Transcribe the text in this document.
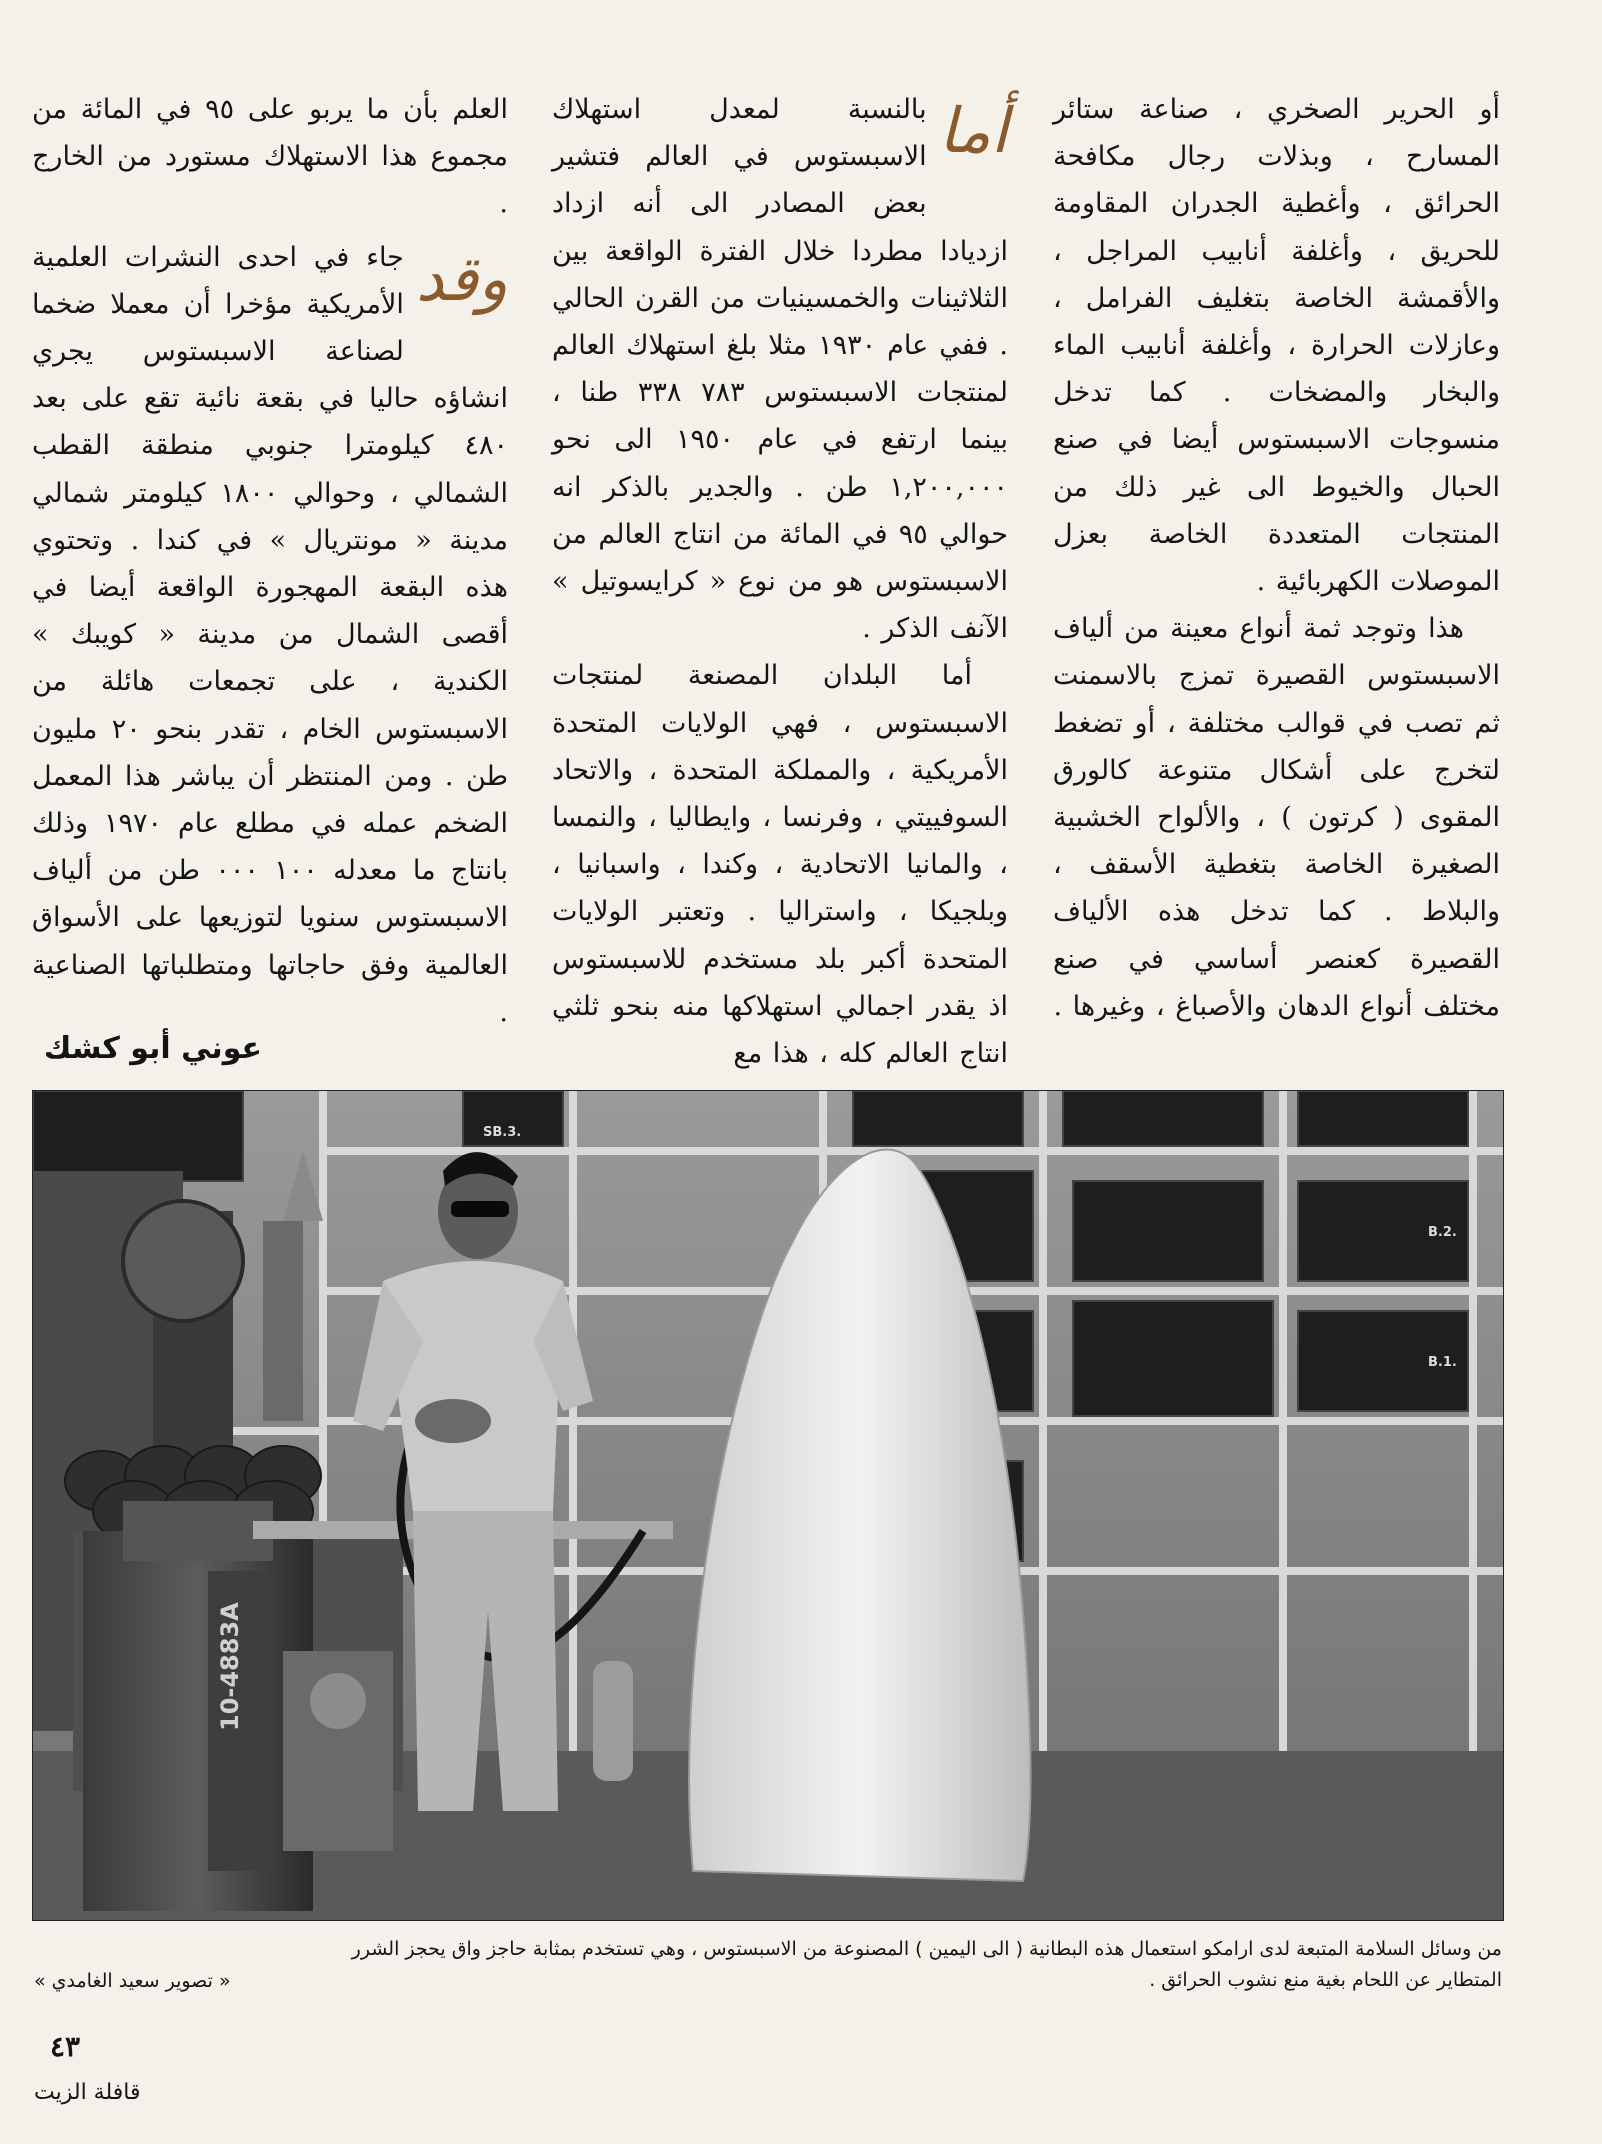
أو الحرير الصخري ، صناعة ستائر المسارح ، وبذلات رجال مكافحة الحرائق ، وأغطية الجدران المقاومة للحريق ، وأغلفة أنابيب المراجل ، والأقمشة الخاصة بتغليف الفرامل ، وعازلات الحرارة ، وأغلفة أنابيب الماء والبخار والمضخات . كما تدخل منسوجات الاسبستوس أيضا في صنع الحبال والخيوط الى غير ذلك من المنتجات المتعددة الخاصة بعزل الموصلات الكهربائية .

هذا وتوجد ثمة أنواع معينة من ألياف الاسبستوس القصيرة تمزج بالاسمنت ثم تصب في قوالب مختلفة ، أو تضغط لتخرج على أشكال متنوعة كالورق المقوى ( كرتون ) ، والألواح الخشبية الصغيرة الخاصة بتغطية الأسقف ، والبلاط . كما تدخل هذه الألياف القصيرة كعنصر أساسي في صنع مختلف أنواع الدهان والأصباغ ، وغيرها .

أما

بالنسبة لمعدل استهلاك الاسبستوس في العالم فتشير بعض المصادر الى أنه ازداد ازديادا مطردا خلال الفترة الواقعة بين الثلاثينات والخمسينيات من القرن الحالي . ففي عام ١٩٣٠ مثلا بلغ استهلاك العالم لمنتجات الاسبستوس ٧٨٣ ٣٣٨ طنا ، بينما ارتفع في عام ١٩٥٠ الى نحو ١,٢٠٠,٠٠٠ طن . والجدير بالذكر انه حوالي ٩٥ في المائة من انتاج العالم من الاسبستوس هو من نوع « كرايسوتيل » الآنف الذكر .

أما البلدان المصنعة لمنتجات الاسبستوس ، فهي الولايات المتحدة الأمريكية ، والمملكة المتحدة ، والاتحاد السوفييتي ، وفرنسا ، وايطاليا ، والنمسا ، والمانيا الاتحادية ، وكندا ، واسبانيا ، وبلجيكا ، واستراليا . وتعتبر الولايات المتحدة أكبر بلد مستخدم للاسبستوس اذ يقدر اجمالي استهلاكها منه بنحو ثلثي انتاج العالم كله ، هذا مع

العلم بأن ما يربو على ٩٥ في المائة من مجموع هذا الاستهلاك مستورد من الخارج .

وقد

جاء في احدى النشرات العلمية الأمريكية مؤخرا أن معملا ضخما لصناعة الاسبستوس يجري انشاؤه حاليا في بقعة نائية تقع على بعد ٤٨٠ كيلومترا جنوبي منطقة القطب الشمالي ، وحوالي ١٨٠٠ كيلومتر شمالي مدينة « مونتريال » في كندا . وتحتوي هذه البقعة المهجورة الواقعة أيضا في أقصى الشمال من مدينة « كويبك » الكندية ، على تجمعات هائلة من الاسبستوس الخام ، تقدر بنحو ٢٠ مليون طن . ومن المنتظر أن يباشر هذا المعمل الضخم عمله في مطلع عام ١٩٧٠ وذلك بانتاج ما معدله ١٠٠ ٠٠٠ طن من ألياف الاسبستوس سنويا لتوزيعها على الأسواق العالمية وفق حاجاتها ومتطلباتها الصناعية .

عوني أبو كشك
SB.3.
B.2.
B.1.
10-4883A

من وسائل السلامة المتبعة لدى ارامكو استعمال هذه البطانية ( الى اليمين ) المصنوعة من الاسبستوس ، وهي تستخدم بمثابة حاجز واق يحجز الشرر

المتطاير عن اللحام بغية منع نشوب الحرائق .

« تصوير سعيد الغامدي »
٤٣
قافلة الزيت
